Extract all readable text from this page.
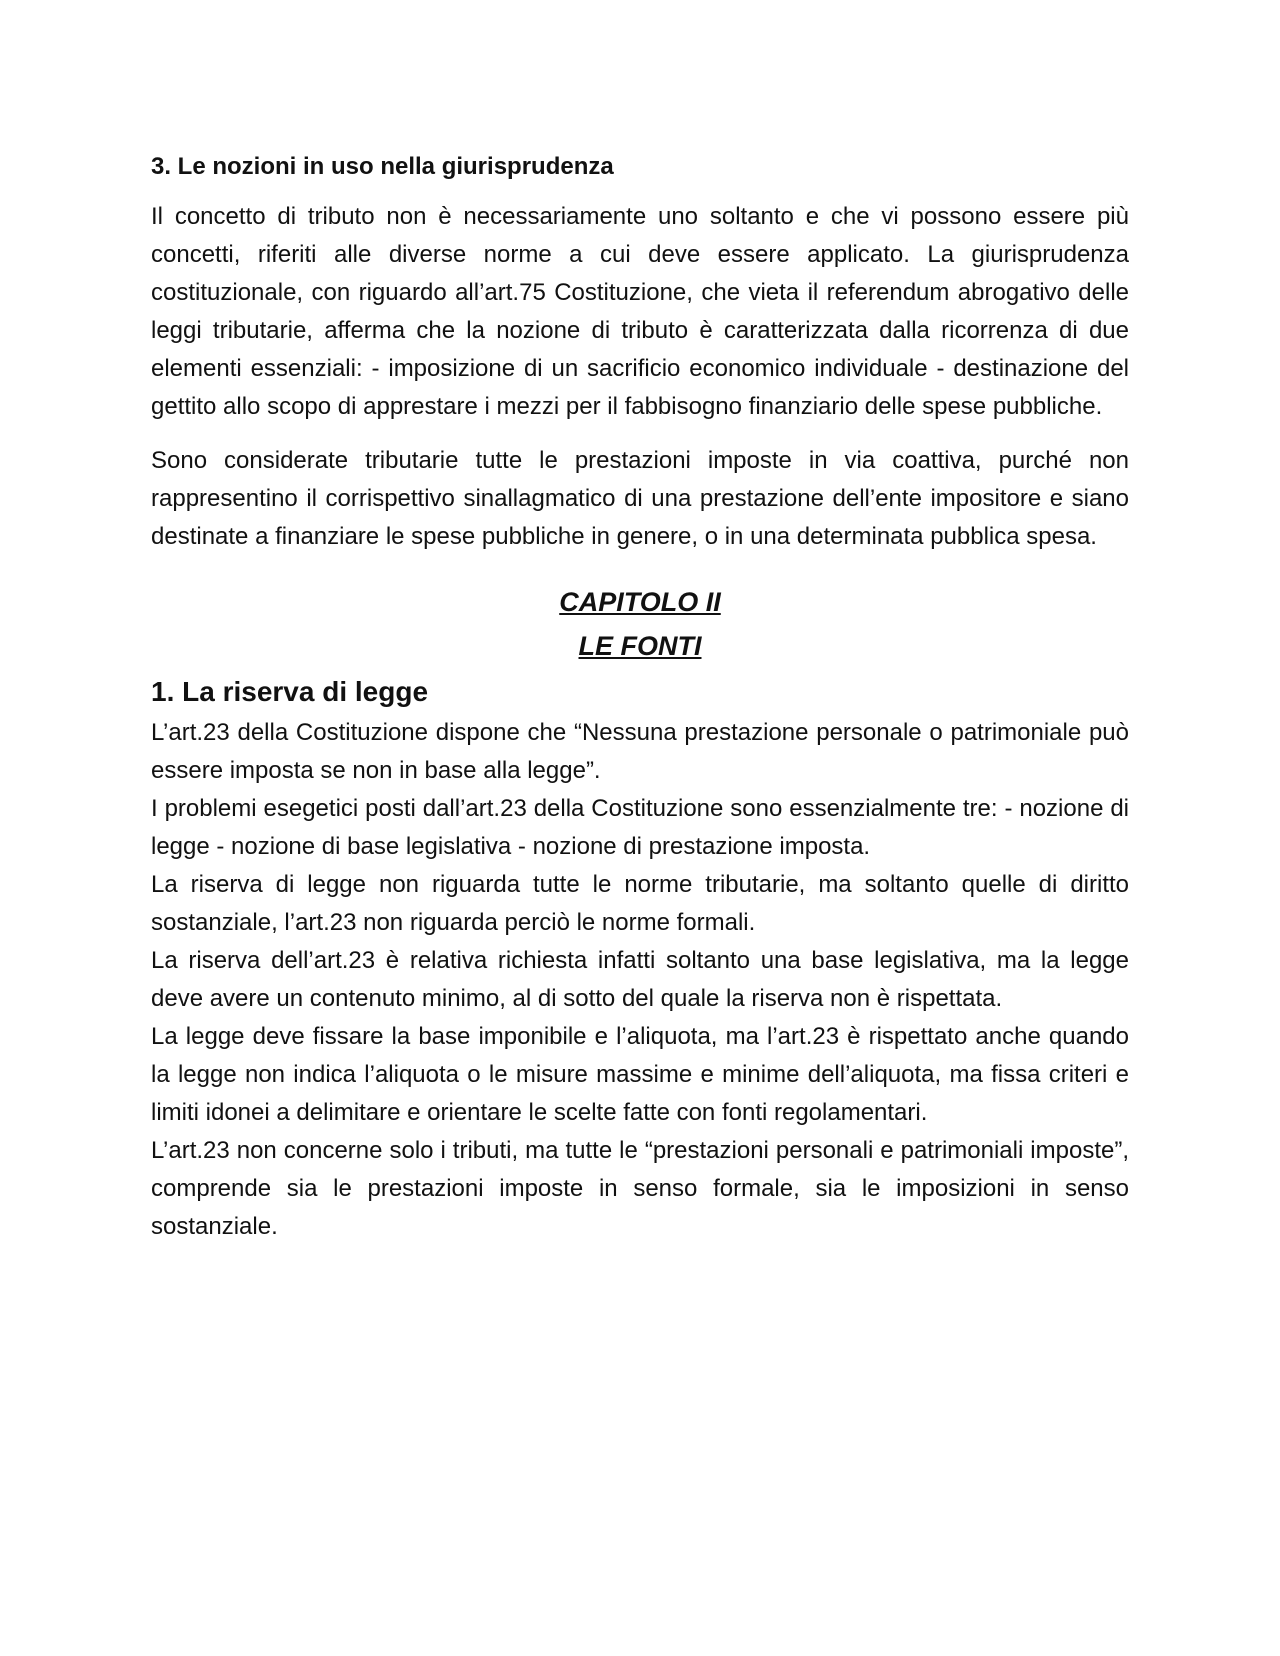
3. Le nozioni in uso nella giurisprudenza

Il concetto di tributo non è necessariamente uno soltanto e che vi possono essere più concetti, riferiti alle diverse norme a cui deve essere applicato. La giurisprudenza costituzionale, con riguardo all’art.75 Costituzione, che vieta il referendum abrogativo delle leggi tributarie, afferma che la nozione di tributo è caratterizzata dalla ricorrenza di due elementi essenziali: - imposizione di un sacrificio economico individuale - destinazione del gettito allo scopo di apprestare i mezzi per il fabbisogno finanziario delle spese pubbliche.

Sono considerate tributarie tutte le prestazioni imposte in via coattiva, purché non rappresentino il corrispettivo sinallagmatico di una prestazione dell’ente impositore e siano destinate a finanziare le spese pubbliche in genere, o in una determinata pubblica spesa.

CAPITOLO II

LE FONTI

1. La riserva di legge

L’art.23 della Costituzione dispone che “Nessuna prestazione personale o patrimoniale può essere imposta se non in base alla legge”.

I problemi esegetici posti dall’art.23 della Costituzione sono essenzialmente tre: - nozione di legge - nozione di base legislativa - nozione di prestazione imposta.

La riserva di legge non riguarda tutte le norme tributarie, ma soltanto quelle di diritto sostanziale, l’art.23 non riguarda perciò le norme formali.

La riserva dell’art.23 è relativa richiesta infatti soltanto una base legislativa, ma la legge deve avere un contenuto minimo, al di sotto del quale la riserva non è rispettata.

La legge deve fissare la base imponibile e l’aliquota, ma l’art.23 è rispettato anche quando la legge non indica l’aliquota o le misure massime e minime dell’aliquota, ma fissa criteri e limiti idonei a delimitare e orientare le scelte fatte con fonti regolamentari.

L’art.23 non concerne solo i tributi, ma tutte le “prestazioni personali e patrimoniali imposte”, comprende sia le prestazioni imposte in senso formale, sia le imposizioni in senso sostanziale.
